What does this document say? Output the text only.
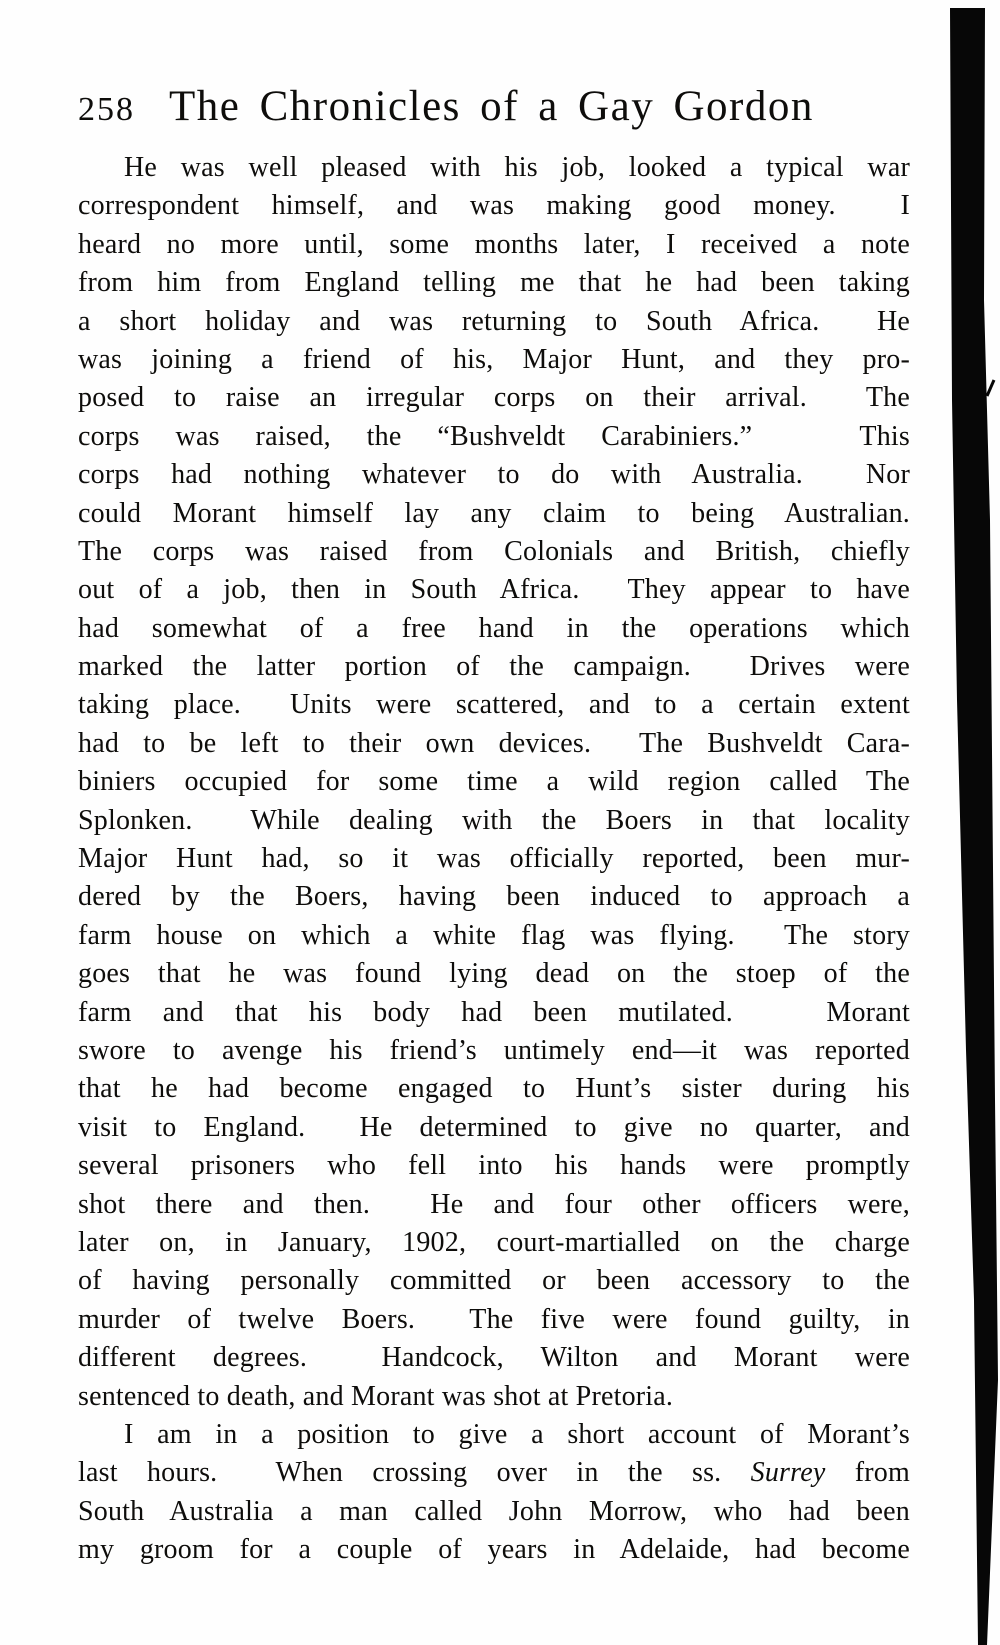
258 The Chronicles of a Gay Gordon
He was well pleased with his job, looked a typical war
correspondent himself, and was making good money.  I
heard no more until, some months later, I received a note
from him from England telling me that he had been taking
a short holiday and was returning to South Africa.  He
was joining a friend of his, Major Hunt, and they pro-
posed to raise an irregular corps on their arrival.  The
corps was raised, the “Bushveldt Carabiniers.”   This
corps had nothing whatever to do with Australia.  Nor
could Morant himself lay any claim to being Australian.
The corps was raised from Colonials and British, chiefly
out of a job, then in South Africa.  They appear to have
had somewhat of a free hand in the operations which
marked the latter portion of the campaign.  Drives were
taking place.  Units were scattered, and to a certain extent
had to be left to their own devices.  The Bushveldt Cara-
biniers occupied for some time a wild region called The
Splonken.  While dealing with the Boers in that locality
Major Hunt had, so it was officially reported, been mur-
dered by the Boers, having been induced to approach a
farm house on which a white flag was flying.  The story
goes that he was found lying dead on the stoep of the
farm and that his body had been mutilated.   Morant
swore to avenge his friend’s untimely end—it was reported
that he had become engaged to Hunt’s sister during his
visit to England.  He determined to give no quarter, and
several prisoners who fell into his hands were promptly
shot there and then.  He and four other officers were,
later on, in January, 1902, court-martialled on the charge
of having personally committed or been accessory to the
murder of twelve Boers.  The five were found guilty, in
different degrees.  Handcock, Wilton and Morant were
sentenced to death, and Morant was shot at Pretoria.
I am in a position to give a short account of Morant’s
last hours.  When crossing over in the ss. Surrey from
South Australia a man called John Morrow, who had been
my groom for a couple of years in Adelaide, had become
